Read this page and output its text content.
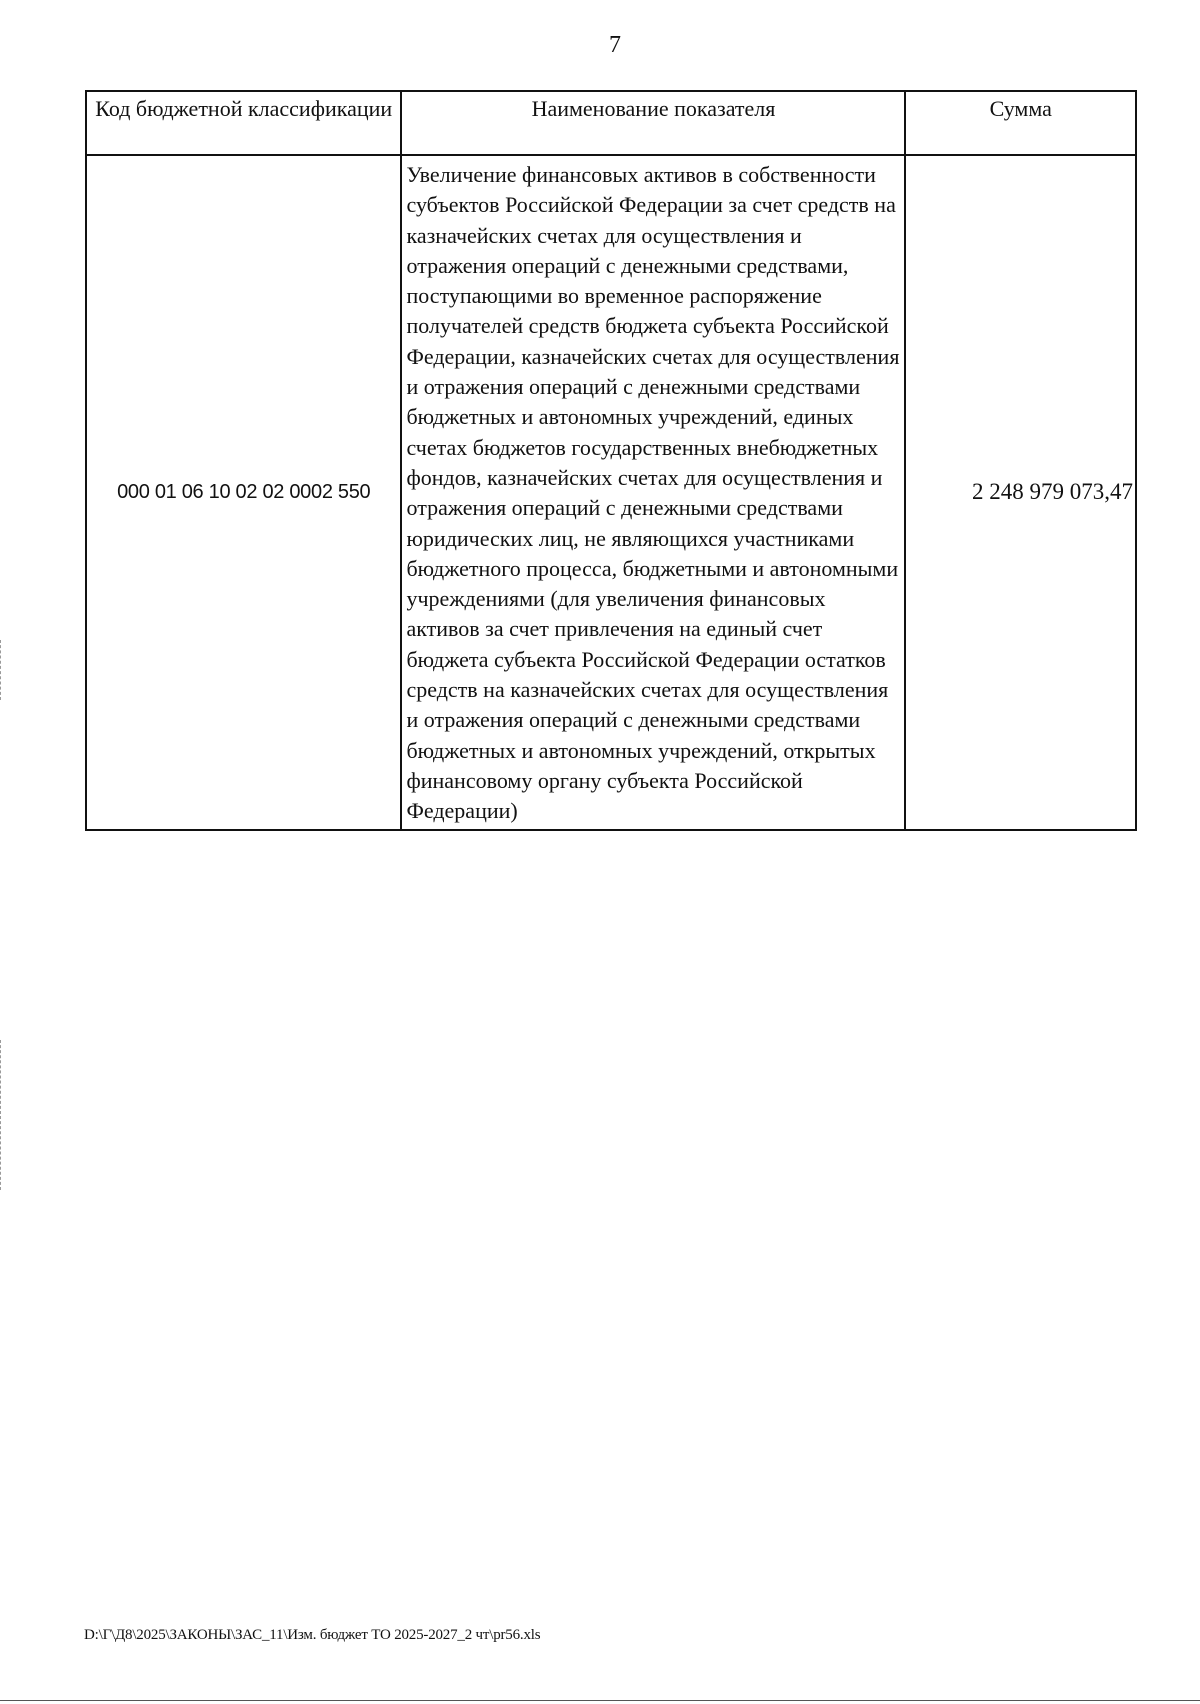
7
Код бюджетной классификации	Наименование показателя	Сумма
000 01 06 10 02 02 0002 550	Увеличение финансовых активов в собственности субъектов Российской Федерации за счет средств на казначейских счетах для осуществления и отражения операций с денежными средствами, поступающими во временное распоряжение получателей средств бюджета субъекта Российской Федерации, казначейских счетах для осуществления и отражения операций с денежными средствами бюджетных и автономных учреждений, единых счетах бюджетов государственных внебюджетных фондов, казначейских счетах для осуществления и отражения операций с денежными средствами юридических лиц, не являющихся участниками бюджетного процесса, бюджетными и автономными учреждениями (для увеличения финансовых активов за счет привлечения на единый счет бюджета субъекта Российской Федерации остатков средств на казначейских счетах для осуществления и отражения операций с денежными средствами бюджетных и автономных учреждений, открытых финансовому органу субъекта Российской Федерации)	2 248 979 073,47
D:\Г\Д8\2025\ЗАКОНЫ\ЗАС_11\Изм. бюджет ТО 2025-2027_2 чт\pr56.xls
